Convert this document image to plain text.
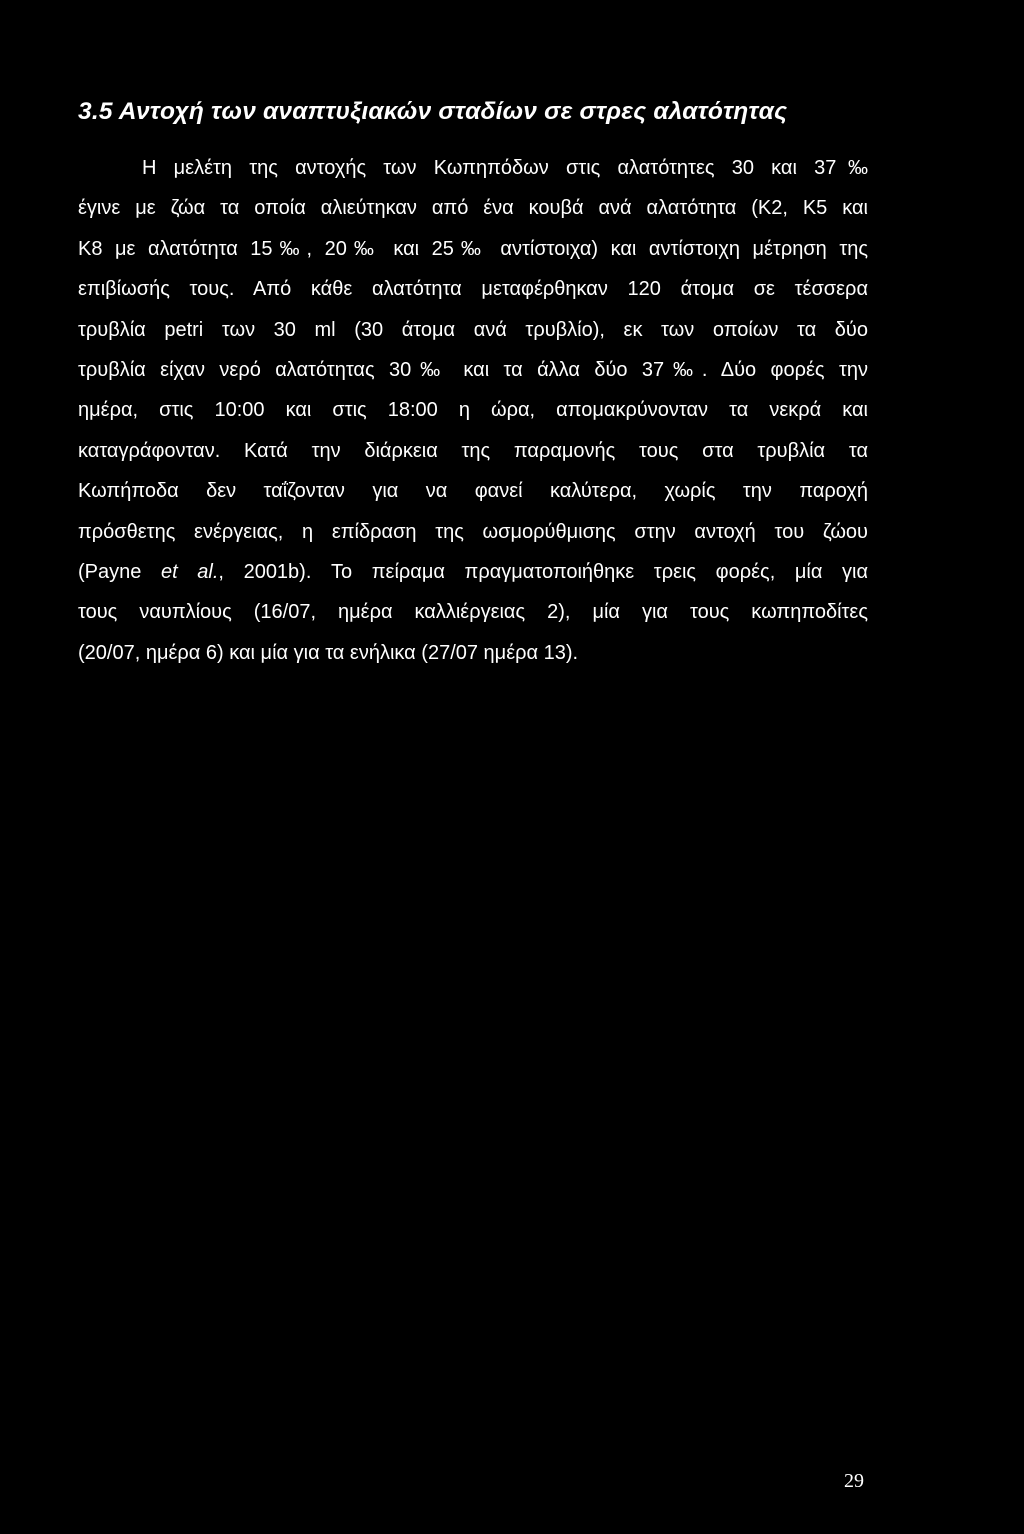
3.5 Αντοχή των αναπτυξιακών σταδίων σε στρες αλατότητας
Η μελέτη της αντοχής των Κωπηπόδων στις αλατότητες 30 και 37‰
έγινε με ζώα τα οποία αλιεύτηκαν από ένα κουβά ανά αλατότητα (Κ2, Κ5 και
Κ8 με αλατότητα 15‰, 20‰ και 25‰ αντίστοιχα) και αντίστοιχη μέτρηση της
επιβίωσής τους. Από κάθε αλατότητα μεταφέρθηκαν 120 άτομα σε τέσσερα
τρυβλία petri των 30 ml (30 άτομα ανά τρυβλίο), εκ των οποίων τα δύο
τρυβλία είχαν νερό αλατότητας 30‰ και τα άλλα δύο 37‰. Δύο φορές την
ημέρα, στις 10:00 και στις 18:00 η ώρα, απομακρύνονταν τα νεκρά και
καταγράφονταν. Κατά την διάρκεια της παραμονής τους στα τρυβλία τα
Κωπήποδα δεν ταΐζονταν για να φανεί καλύτερα, χωρίς την παροχή
πρόσθετης ενέργειας, η επίδραση της ωσμορύθμισης στην αντοχή του ζώου
(Payne et al., 2001b). Το πείραμα πραγματοποιήθηκε τρεις φορές, μία για
τους ναυπλίους (16/07, ημέρα καλλιέργειας 2), μία για τους κωπηποδίτες
(20/07, ημέρα 6) και μία για τα ενήλικα (27/07 ημέρα 13).
29
